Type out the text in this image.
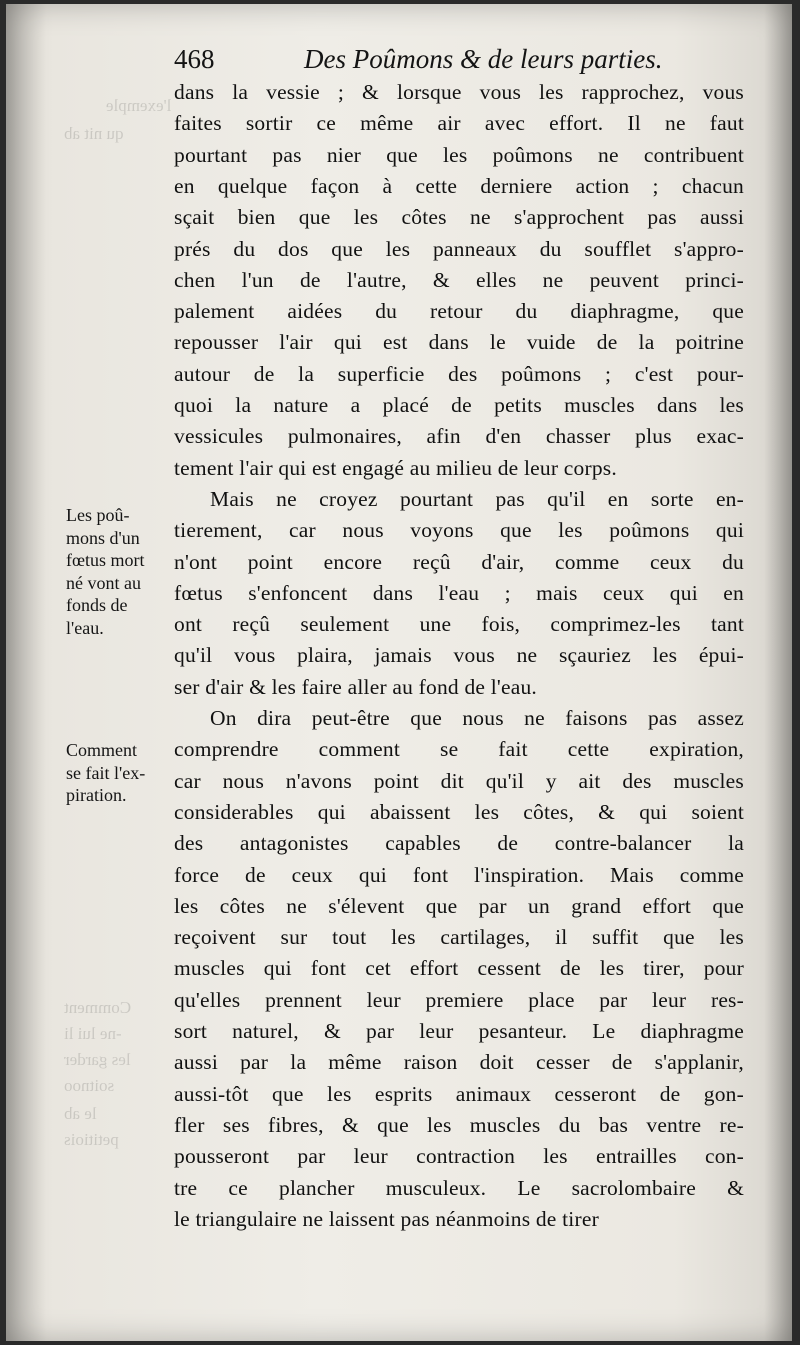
l'exemple
qu nit ab
Comment
-ne lui li
les garder
soitnoo
le ab
petitiois
468	Des Poûmons & de leurs parties.
dans la vessie ; & lorsque vous les rapprochez, vous
faites sortir ce même air avec effort. Il ne faut
pourtant pas nier que les poûmons ne contribuent
en quelque façon à cette derniere action ; chacun
sçait bien que les côtes ne s'approchent pas aussi
prés du dos que les panneaux du soufflet s'appro-
chen l'un de l'autre, & elles ne peuvent princi-
palement aidées du retour du diaphragme, que
repousser l'air qui est dans le vuide de la poitrine
autour de la superficie des poûmons ; c'est pour-
quoi la nature a placé de petits muscles dans les
vessicules pulmonaires, afin d'en chasser plus exac-
tement l'air qui est engagé au milieu de leur corps.
Mais ne croyez pourtant pas qu'il en sorte en-
tierement, car nous voyons que les poûmons qui
n'ont point encore reçû d'air, comme ceux du
fœtus s'enfoncent dans l'eau ; mais ceux qui en
ont reçû seulement une fois, comprimez-les tant
qu'il vous plaira, jamais vous ne sçauriez les épui-
ser d'air & les faire aller au fond de l'eau.
On dira peut-être que nous ne faisons pas assez
comprendre comment se fait cette expiration,
car nous n'avons point dit qu'il y ait des muscles
considerables qui abaissent les côtes, & qui soient
des antagonistes capables de contre-balancer la
force de ceux qui font l'inspiration. Mais comme
les côtes ne s'élevent que par un grand effort que
reçoivent sur tout les cartilages, il suffit que les
muscles qui font cet effort cessent de les tirer, pour
qu'elles prennent leur premiere place par leur res-
sort naturel, & par leur pesanteur. Le diaphragme
aussi par la même raison doit cesser de s'applanir,
aussi-tôt que les esprits animaux cesseront de gon-
fler ses fibres, & que les muscles du bas ventre re-
pousseront par leur contraction les entrailles con-
tre ce plancher musculeux. Le sacrolombaire &
le triangulaire ne laissent pas néanmoins de tirer
Les poû-
mons d'un
fœtus mort
né vont au
fonds de
l'eau.
Comment
se fait l'ex-
piration.
